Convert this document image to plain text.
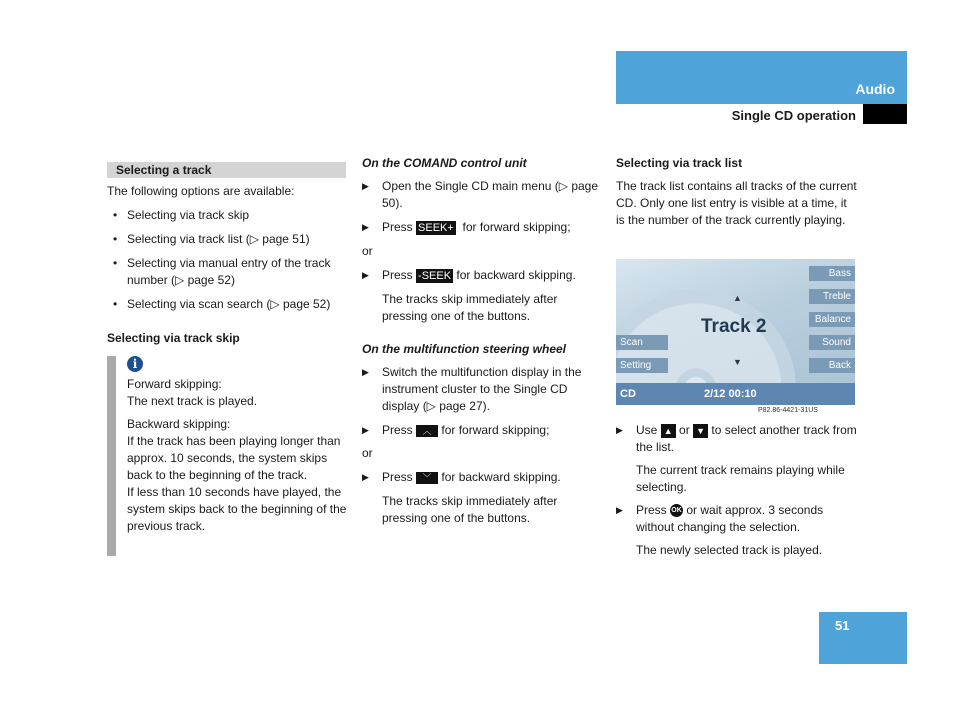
Audio
Single CD operation
Selecting a track

The following options are available:

• Selecting via track skip
• Selecting via track list (▷ page 51)
• Selecting via manual entry of the track number (▷ page 52)
• Selecting via scan search (▷ page 52)

Selecting via track skip

i

Forward skipping:

The next track is played.

Backward skipping:

If the track has been playing longer than approx. 10 seconds, the system skips back to the beginning of the track.

If less than 10 seconds have played, the system skips back to the beginning of the previous track.

On the COMAND control unit

▶ Open the Single CD main menu (▷ page 50).
▶ Press SEEK+ for forward skipping;

or

▶ Press -SEEK for backward skipping.

The tracks skip immediately after pressing one of the buttons.

On the multifunction steering wheel

▶ Switch the multifunction display in the instrument cluster to the Single CD display (▷ page 27).
▶ Press ︿ for forward skipping;

or

▶ Press ﹀ for backward skipping.

The tracks skip immediately after pressing one of the buttons.

Selecting via track list

The track list contains all tracks of the current CD. Only one list entry is visible at a time, it is the number of the track currently playing.

Bass
Treble
Balance
Sound
Back
Scan
Setting
▲
Track 2
▼
CD	2/12 00:10
P82.86-4421-31US
▶ Use ▲ or ▼ to select another track from the list.

The current track remains playing while selecting.

▶ Press OK or wait approx. 3 seconds without changing the selection.

The newly selected track is played.

51
